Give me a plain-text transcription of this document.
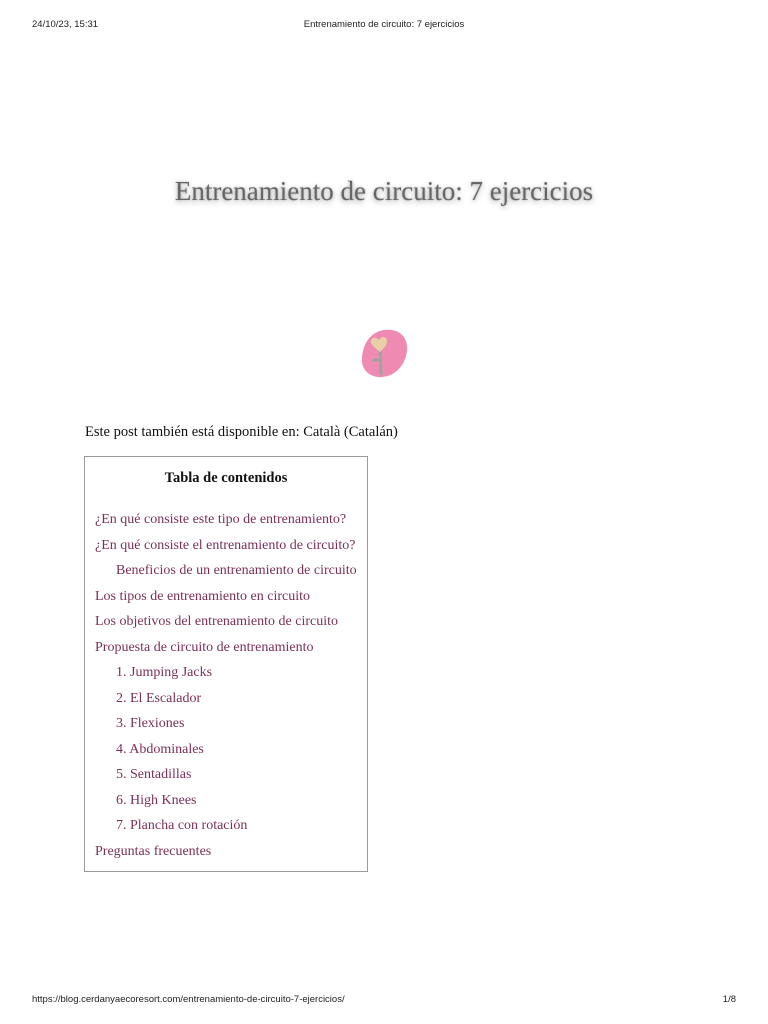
24/10/23, 15:31	Entrenamiento de circuito: 7 ejercicios
Entrenamiento de circuito: 7 ejercicios
Este post también está disponible en: Català (Catalán)
Tabla de contenidos
¿En qué consiste este tipo de entrenamiento?
¿En qué consiste el entrenamiento de circuito?
Beneficios de un entrenamiento de circuito
Los tipos de entrenamiento en circuito
Los objetivos del entrenamiento de circuito
Propuesta de circuito de entrenamiento
1. Jumping Jacks
2. El Escalador
3. Flexiones
4. Abdominales
5. Sentadillas
6. High Knees
7. Plancha con rotación
Preguntas frecuentes
https://blog.cerdanyaecoresort.com/entrenamiento-de-circuito-7-ejercicios/	1/8
